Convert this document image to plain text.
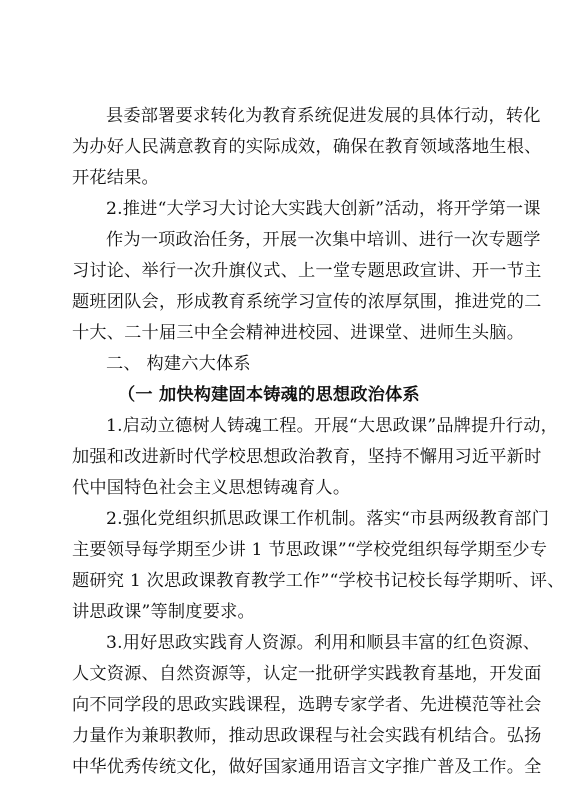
县委部署要求转化为教育系统促进发展的具体行动，转化
为办好人民满意教育的实际成效，确保在教育领域落地生根、
开花结果。
2.推进“大学习大讨论大实践大创新”活动，将开学第一课
作为一项政治任务，开展一次集中培训、进行一次专题学
习讨论、举行一次升旗仪式、上一堂专题思政宣讲、开一节主
题班团队会，形成教育系统学习宣传的浓厚氛围，推进党的二
十大、二十届三中全会精神进校园、进课堂、进师生头脑。
二、 构建六大体系
（一 加快构建固本铸魂的思想政治体系
1.启动立德树人铸魂工程。开展“大思政课”品牌提升行动，
加强和改进新时代学校思想政治教育，坚持不懈用习近平新时
代中国特色社会主义思想铸魂育人。
2.强化党组织抓思政课工作机制。落实“市县两级教育部门
主要领导每学期至少讲 1 节思政课”“学校党组织每学期至少专
题研究 1 次思政课教育教学工作”“学校书记校长每学期听、评、
讲思政课”等制度要求。
3.用好思政实践育人资源。利用和顺县丰富的红色资源、
人文资源、自然资源等，认定一批研学实践教育基地，开发面
向不同学段的思政实践课程，选聘专家学者、先进模范等社会
力量作为兼职教师，推动思政课程与社会实践有机结合。弘扬
中华优秀传统文化，做好国家通用语言文字推广普及工作。全
